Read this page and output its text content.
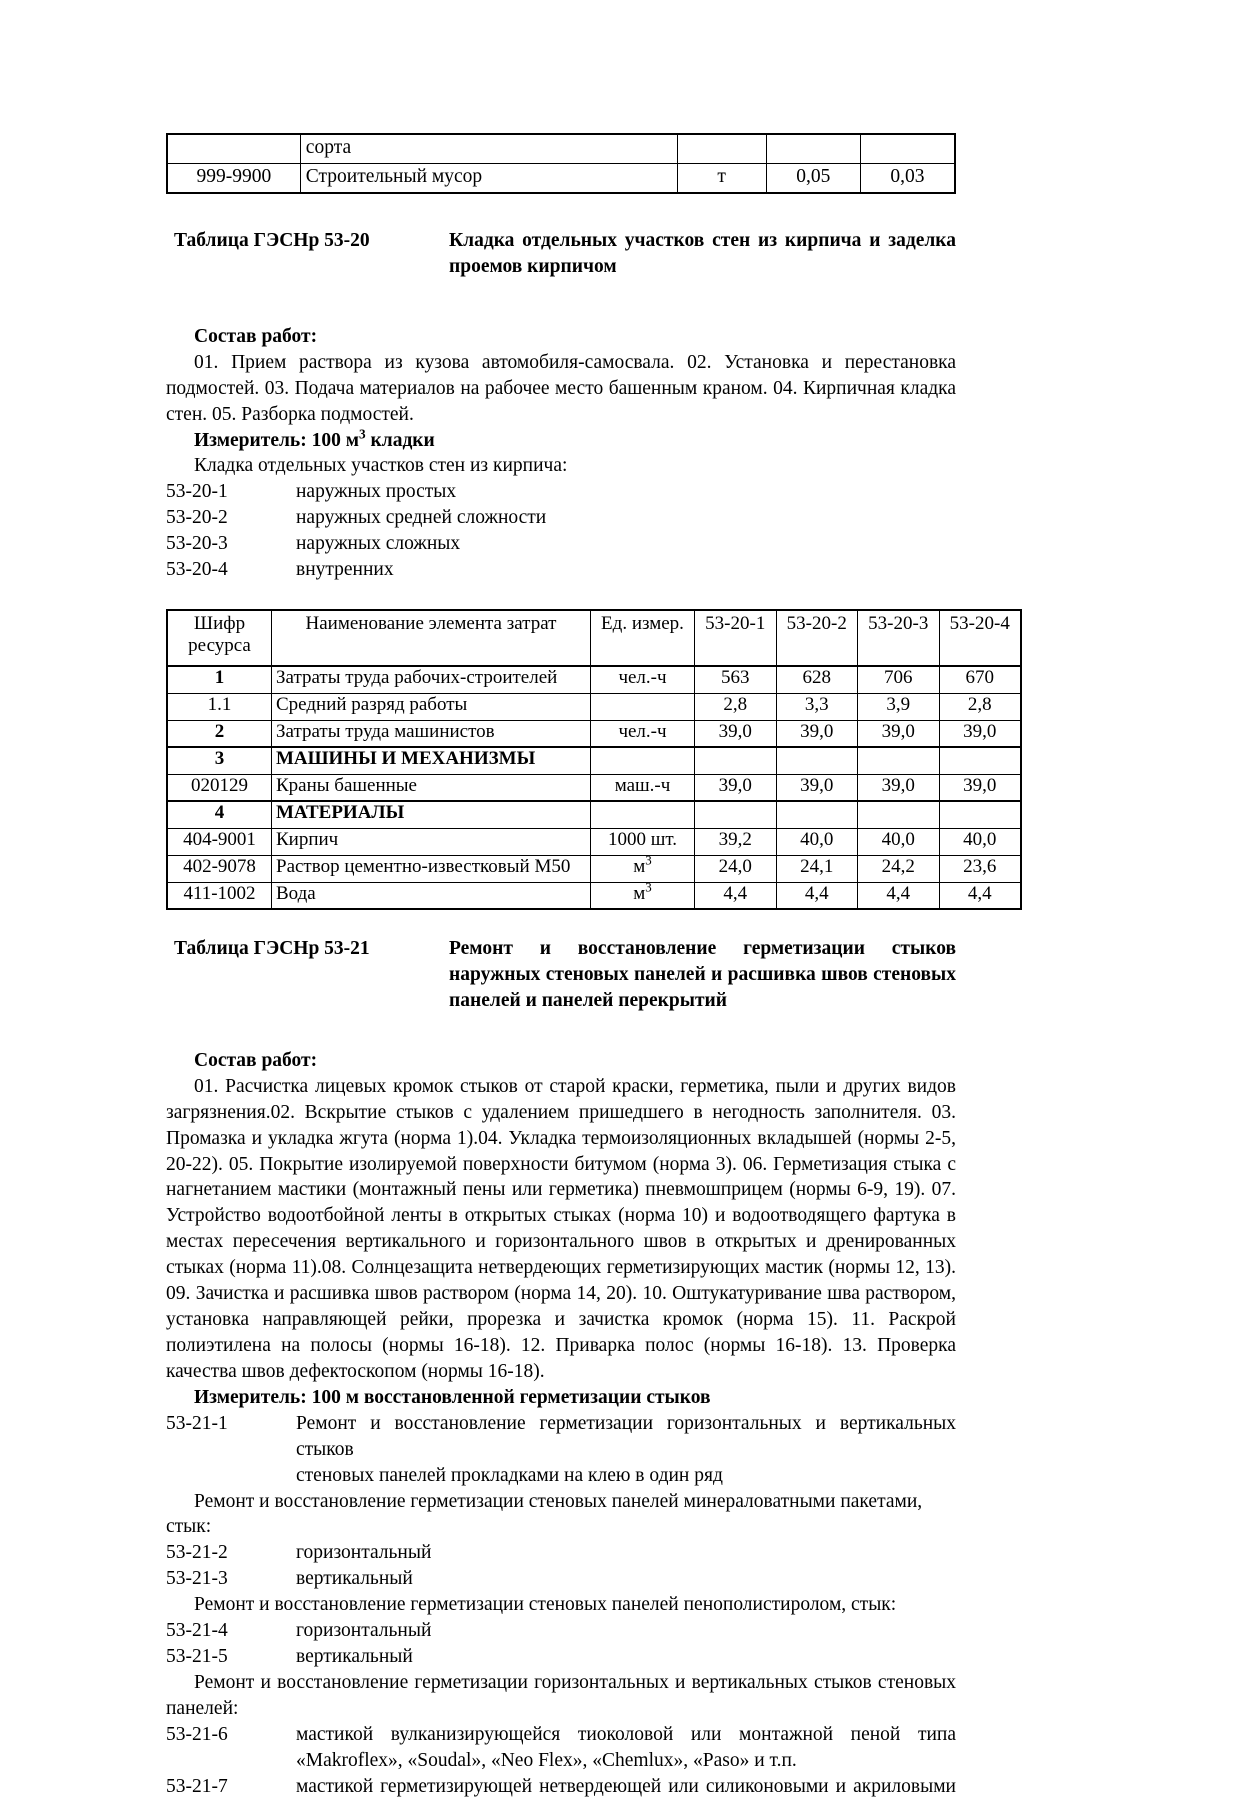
	сорта			
999-9900	Строительный мусор	т	0,05	0,03
Таблица ГЭСНр 53-20	Кладка отдельных участков стен из кирпича и заделка
проемов кирпичом
Состав работ:
01. Прием раствора из кузова автомобиля-самосвала. 02. Установка и перестановка подмостей. 03. Подача материалов на рабочее место башенным краном. 04. Кирпичная кладка стен. 05. Разборка подмостей.
Измеритель: 100 $м^3$ кладки
Кладка отдельных участков стен из кирпича:
53-20-1	наружных простых
53-20-2	наружных средней сложности
53-20-3	наружных сложных
53-20-4	внутренних
Шифр ресурса	Наименование элемента затрат	Ед. измер.	53-20-1	53-20-2	53-20-3	53-20-4
1	Затраты труда рабочих-строителей	чел.-ч	563	628	706	670
1.1	Средний разряд работы		2,8	3,3	3,9	2,8
2	Затраты труда машинистов	чел.-ч	39,0	39,0	39,0	39,0
3	МАШИНЫ И МЕХАНИЗМЫ					
020129	Краны башенные	маш.-ч	39,0	39,0	39,0	39,0
4	МАТЕРИАЛЫ					
404-9001	Кирпич	1000 шт.	39,2	40,0	40,0	40,0
402-9078	Раствор цементно-известковый М50	$м^3$	24,0	24,1	24,2	23,6
411-1002	Вода	$м^3$	4,4	4,4	4,4	4,4
Таблица ГЭСНр 53-21	Ремонт и восстановление герметизации стыков
наружных стеновых панелей и расшивка швов стеновых
панелей и панелей перекрытий
Состав работ:
01. Расчистка лицевых кромок стыков от старой краски, герметика, пыли и других видов загрязнения.02. Вскрытие стыков с удалением пришедшего в негодность заполнителя. 03. Промазка и укладка жгута (норма 1).04. Укладка термоизоляционных вкладышей (нормы 2-5, 20-22). 05. Покрытие изолируемой поверхности битумом (норма 3). 06. Герметизация стыка с нагнетанием мастики (монтажный пены или герметика) пневмошприцем (нормы 6-9, 19). 07. Устройство водоотбойной ленты в открытых стыках (норма 10) и водоотводящего фартука в местах пересечения вертикального и горизонтального швов в открытых и дренированных стыках (норма 11).08. Солнцезащита нетвердеющих герметизирующих мастик (нормы 12, 13). 09. Зачистка и расшивка швов раствором (норма 14, 20). 10. Оштукатуривание шва раствором, установка направляющей рейки, прорезка и зачистка кромок (норма 15). 11. Раскрой полиэтилена на полосы (нормы 16-18). 12. Приварка полос (нормы 16-18). 13. Проверка качества швов дефектоскопом (нормы 16-18).
Измеритель: 100 м восстановленной герметизации стыков
53-21-1	Ремонт и восстановление герметизации горизонтальных и вертикальных стыков
стеновых панелей прокладками на клею в один ряд
Ремонт и восстановление герметизации стеновых панелей минераловатными пакетами, стык:
53-21-2	горизонтальный
53-21-3	вертикальный
Ремонт и восстановление герметизации стеновых панелей пенополистиролом, стык:
53-21-4	горизонтальный
53-21-5	вертикальный
Ремонт и восстановление герметизации горизонтальных и вертикальных стыков стеновых
панелей:
53-21-6	мастикой вулканизирующейся тиоколовой или монтажной пеной типа
«Makroflex», «Soudal», «Neo Flex», «Chemlux», «Paso» и т.п.
53-21-7	мастикой герметизирующей нетвердеющей или силиконовыми и акриловыми
